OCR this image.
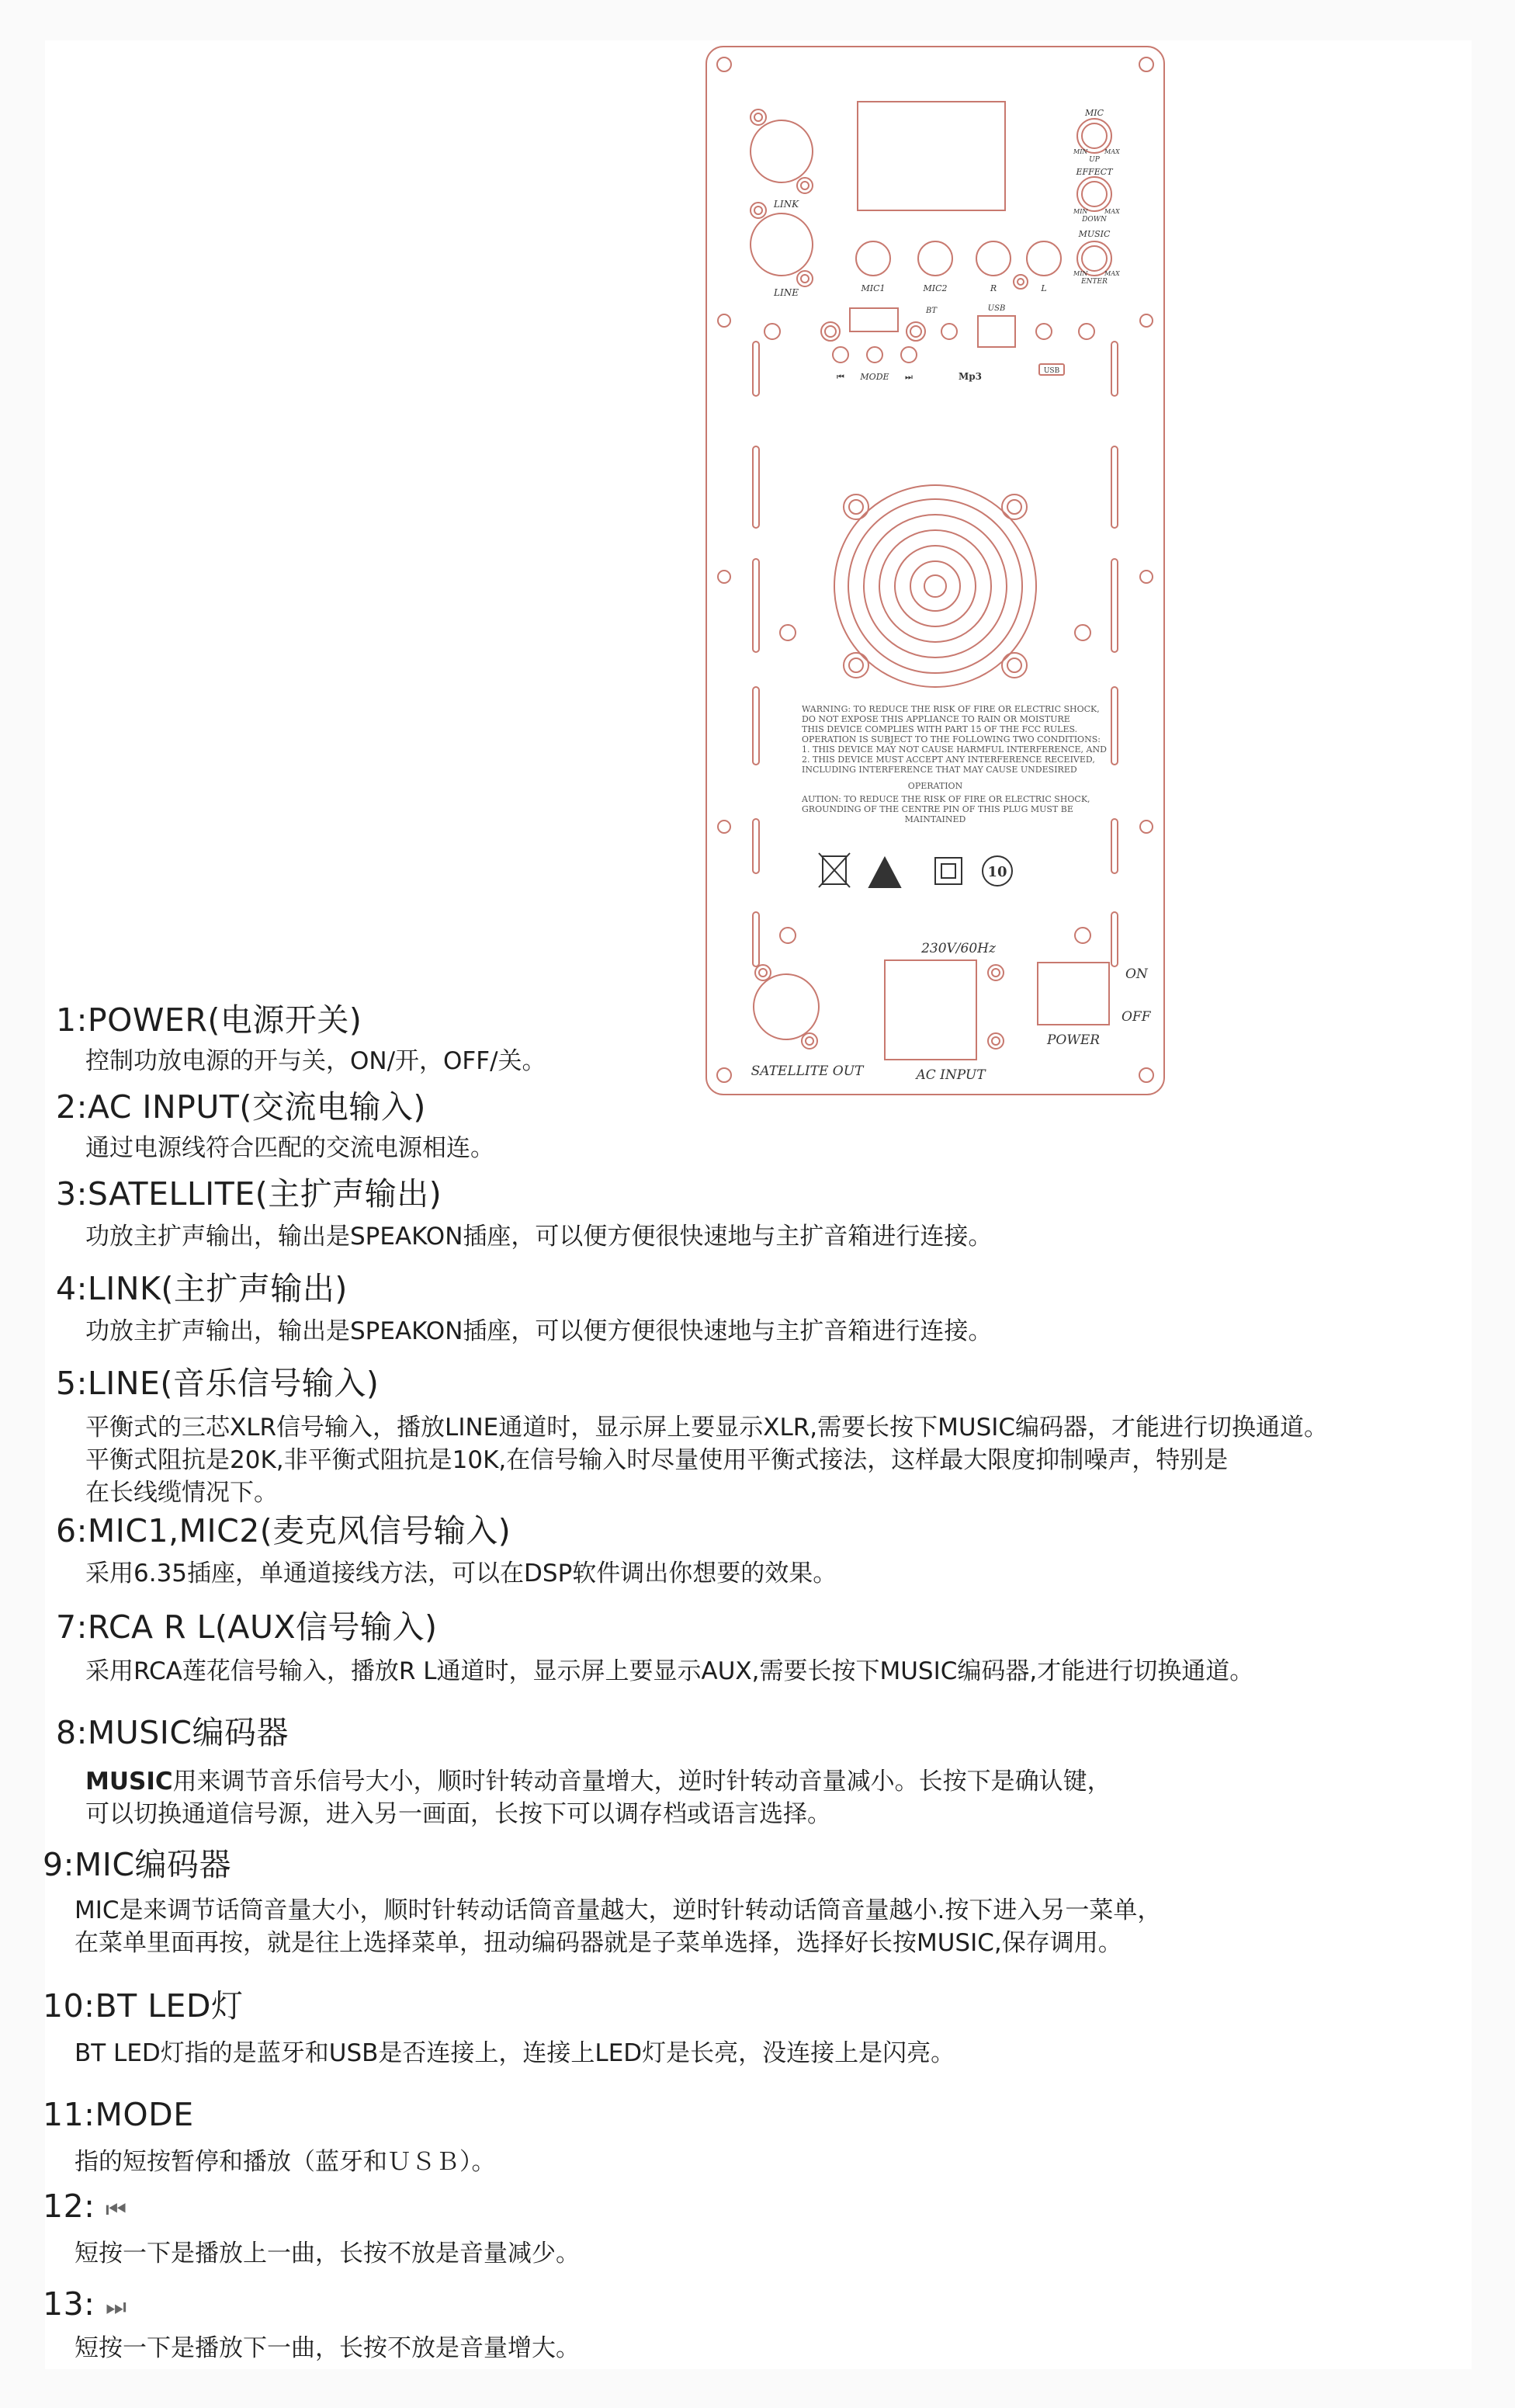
10
MIC
EFFECT
MUSIC
UP
DOWN
ENTER
MIN	MAX
MIN	MAX
MIN	MAX
LINK
LINE	MIC1	MIC2	R	L
BT	USB
MODE
⏮	⏭	Mp3	USB
230V/60Hz
ON
OFF
POWER
SATELLITE OUT	AC INPUT
WARNING: TO REDUCE THE RISK OF FIRE OR ELECTRIC SHOCK,
DO NOT EXPOSE THIS APPLIANCE TO RAIN OR MOISTURE
THIS DEVICE COMPLIES WITH PART 15 OF THE FCC RULES.
OPERATION IS SUBJECT TO THE FOLLOWING TWO CONDITIONS:
1. THIS DEVICE MAY NOT CAUSE HARMFUL INTERFERENCE, AND
2. THIS DEVICE MUST ACCEPT ANY INTERFERENCE RECEIVED,
INCLUDING INTERFERENCE THAT MAY CAUSE UNDESIRED
OPERATION
AUTION: TO REDUCE THE RISK OF FIRE OR ELECTRIC SHOCK,
GROUNDING OF THE CENTRE PIN OF THIS PLUG MUST BE
MAINTAINED
1:POWER(电源开关)
控制功放电源的开与关，ON/开，OFF/关。
2:AC INPUT(交流电输入)
通过电源线符合匹配的交流电源相连。
3:SATELLITE(主扩声输出)
功放主扩声输出，输出是SPEAKON插座，可以便方便很快速地与主扩音箱进行连接。
4:LINK(主扩声输出)
功放主扩声输出，输出是SPEAKON插座，可以便方便很快速地与主扩音箱进行连接。
5:LINE(音乐信号输入)
平衡式的三芯XLR信号输入，播放LINE通道时，显示屏上要显示XLR,需要长按下MUSIC编码器，才能进行切换通道。
平衡式阻抗是20K,非平衡式阻抗是10K,在信号输入时尽量使用平衡式接法，这样最大限度抑制噪声，特别是
在长线缆情况下。
6:MIC1,MIC2(麦克风信号输入)
采用6.35插座，单通道接线方法，可以在DSP软件调出你想要的效果。
7:RCA R L(AUX信号输入)
采用RCA莲花信号输入，播放R L通道时，显示屏上要显示AUX,需要长按下MUSIC编码器,才能进行切换通道。
8:MUSIC编码器
MUSIC用来调节音乐信号大小，顺时针转动音量增大，逆时针转动音量减小。长按下是确认键，
可以切换通道信号源，进入另一画面，长按下可以调存档或语言选择。
9:MIC编码器
MIC是来调节话筒音量大小，顺时针转动话筒音量越大，逆时针转动话筒音量越小.按下进入另一菜单，
在菜单里面再按，就是往上选择菜单，扭动编码器就是子菜单选择，选择好长按MUSIC,保存调用。
10:BT LED灯
BT LED灯指的是蓝牙和USB是否连接上，连接上LED灯是长亮，没连接上是闪亮。
11:MODE
指的短按暂停和播放（蓝牙和ＵＳＢ）。
12: ⏮
短按一下是播放上一曲，长按不放是音量减少。
13: ⏭
短按一下是播放下一曲，长按不放是音量增大。
